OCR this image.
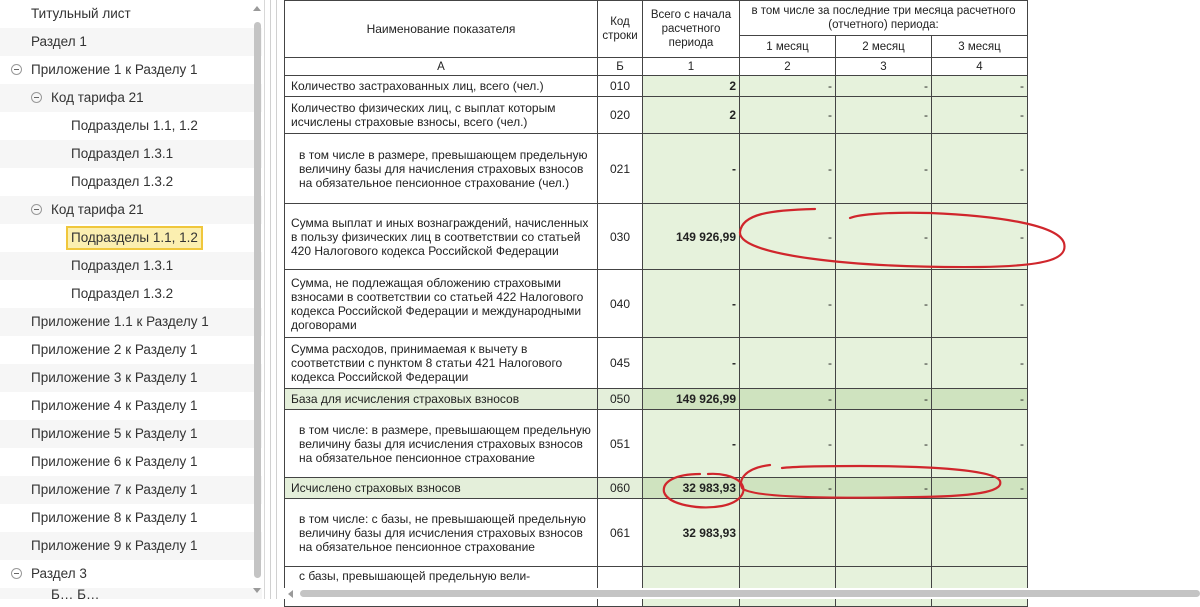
Титульный лист
Раздел 1
Приложение 1 к Разделу 1
Код тарифа 21
Подразделы 1.1, 1.2
Подраздел 1.3.1
Подраздел 1.3.2
Код тарифа 21
Подразделы 1.1, 1.2
Подраздел 1.3.1
Подраздел 1.3.2
Приложение 1.1 к Разделу 1
Приложение 2 к Разделу 1
Приложение 3 к Разделу 1
Приложение 4 к Разделу 1
Приложение 5 к Разделу 1
Приложение 6 к Разделу 1
Приложение 7 к Разделу 1
Приложение 8 к Разделу 1
Приложение 9 к Разделу 1
Раздел 3
Б… Б…
Наименование показателя	Код строки	Всего с начала расчетного периода	в том числе за последние три месяца расчетного (отчетного) периода:		
			1 месяц	2 месяц	3 месяц
А	Б	1	2	3	4
Количество застрахованных лиц, всего (чел.)	010	2	-	-	-
Количество физических лиц, с выплат которым исчислены страховые взносы, всего (чел.)	020	2	-	-	-
в том числе в размере, превышающем предельную величину базы для начисления страховых взносов на обязательное пенсионное страхование (чел.)	021	-	-	-	-
Сумма выплат и иных вознаграждений, начисленных в пользу физических лиц в соответствии со статьей 420 Налогового кодекса Российской Федерации	030	149 926,99	-	-	-
Сумма, не подлежащая обложению страховыми взносами в соответствии со статьей 422 Налогового кодекса Российской Федерации и международными договорами	040	-	-	-	-
Сумма расходов, принимаемая к вычету в соответствии с пунктом 8 статьи 421 Налогового кодекса Российской Федерации	045	-	-	-	-
База для исчисления страховых взносов	050	149 926,99	-	-	-
в том числе: в размере, превышающем предельную величину базы для исчисления страховых взносов на обязательное пенсионное страхование	051	-	-	-	-
Исчислено страховых взносов	060	32 983,93	-	-	-
в том числе: с базы, не превышающей предельную величину базы для исчисления страховых взносов на обязательное пенсионное страхование	061	32 983,93			
с базы, превышающей предельную вели-					
